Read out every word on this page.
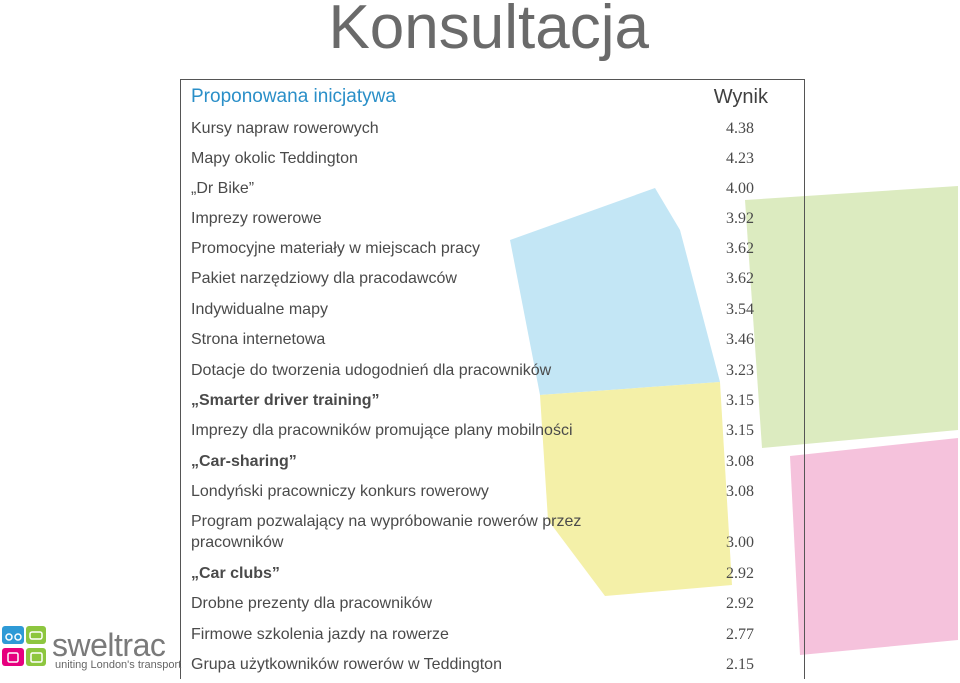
Konsultacja
Proponowana inicjatywa	Wynik
Kursy napraw rowerowych	4.38
Mapy okolic Teddington	4.23
„Dr Bike”	4.00
Imprezy rowerowe	3.92
Promocyjne materiały w miejscach pracy	3.62
Pakiet narzędziowy dla pracodawców	3.62
Indywidualne mapy	3.54
Strona internetowa	3.46
Dotacje do tworzenia udogodnień dla pracowników	3.23
„Smarter driver training”	3.15
Imprezy dla pracowników promujące plany mobilności	3.15
„Car-sharing”	3.08
Londyński pracowniczy konkurs rowerowy	3.08
Program pozwalający na wypróbowanie rowerów przez
pracowników	3.00
„Car clubs”	2.92
Drobne prezenty dla pracowników	2.92
Firmowe szkolenia jazdy na rowerze	2.77
Grupa użytkowników rowerów w Teddington	2.15
sweltrac
uniting London's transport
